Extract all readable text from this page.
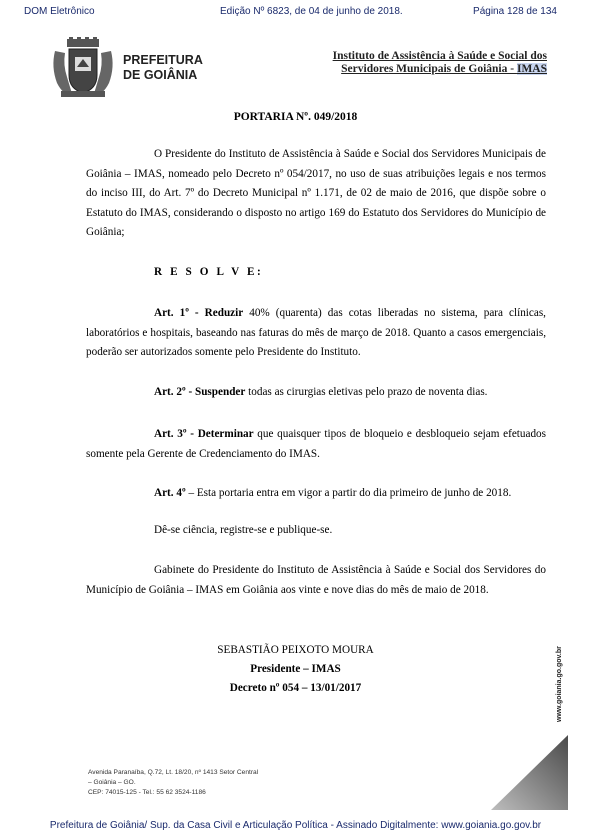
DOM Eletrônico	Edição Nº 6823, de 04 de junho de 2018.	Página 128 de 134
PREFEITURA
DE GOIÂNIA
Instituto de Assistência à Saúde e Social dos
Servidores Municipais de Goiânia - IMAS
PORTARIA Nº. 049/2018

O Presidente do Instituto de Assistência à Saúde e Social dos Servidores Municipais de Goiânia – IMAS, nomeado pelo Decreto nº 054/2017, no uso de suas atribuições legais e nos termos do inciso III, do Art. 7º do Decreto Municipal nº 1.171, de 02 de maio de 2016, que dispõe sobre o Estatuto do IMAS, considerando o disposto no artigo 169 do Estatuto dos Servidores do Município de Goiânia;

R E S O L V E:

Art. 1º - Reduzir 40% (quarenta) das cotas liberadas no sistema, para clínicas, laboratórios e hospitais, baseando nas faturas do mês de março de 2018. Quanto a casos emergenciais, poderão ser autorizados somente pelo Presidente do Instituto.

Art. 2º - Suspender todas as cirurgias eletivas pelo prazo de noventa dias.

Art. 3º - Determinar que quaisquer tipos de bloqueio e desbloqueio sejam efetuados somente pela Gerente de Credenciamento do IMAS.

Art. 4º – Esta portaria entra em vigor a partir do dia primeiro de junho de 2018.

Dê-se ciência, registre-se e publique-se.

Gabinete do Presidente do Instituto de Assistência à Saúde e Social dos Servidores do Município de Goiânia – IMAS em Goiânia aos vinte e nove dias do mês de maio de 2018.

SEBASTIÃO PEIXOTO MOURA
Presidente – IMAS
Decreto nº 054 – 13/01/2017	www.goiania.go.gov.br
Avenida Paranaíba, Q.72, Lt. 18/20, nº 1413 Setor Central
– Goiânia – GO.
CEP: 74015-125 - Tel.: 55 62 3524-1186
Prefeitura de Goiânia/ Sup. da Casa Civil e Articulação Política - Assinado Digitalmente: www.goiania.go.gov.br
